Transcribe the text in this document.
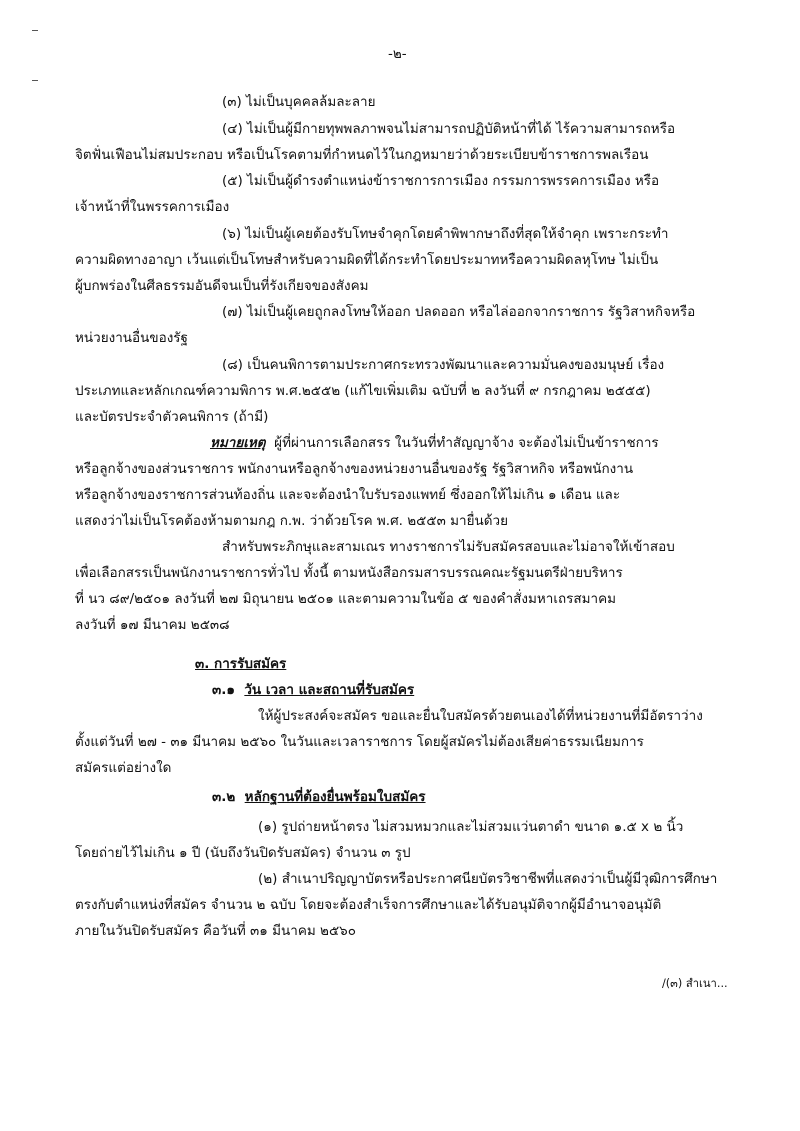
-๒-
(๓) ไม่เป็นบุคคลล้มละลาย
(๔) ไม่เป็นผู้มีกายทุพพลภาพจนไม่สามารถปฏิบัติหน้าที่ได้ ไร้ความสามารถหรือ
จิตฟั่นเฟือนไม่สมประกอบ หรือเป็นโรคตามที่กำหนดไว้ในกฎหมายว่าด้วยระเบียบข้าราชการพลเรือน
(๕) ไม่เป็นผู้ดำรงตำแหน่งข้าราชการการเมือง กรรมการพรรคการเมือง หรือ
เจ้าหน้าที่ในพรรคการเมือง
(๖) ไม่เป็นผู้เคยต้องรับโทษจำคุกโดยคำพิพากษาถึงที่สุดให้จำคุก เพราะกระทำ
ความผิดทางอาญา เว้นแต่เป็นโทษสำหรับความผิดที่ได้กระทำโดยประมาทหรือความผิดลหุโทษ ไม่เป็น
ผู้บกพร่องในศีลธรรมอันดีจนเป็นที่รังเกียจของสังคม
(๗) ไม่เป็นผู้เคยถูกลงโทษให้ออก ปลดออก หรือไล่ออกจากราชการ รัฐวิสาหกิจหรือ
หน่วยงานอื่นของรัฐ
(๘) เป็นคนพิการตามประกาศกระทรวงพัฒนาและความมั่นคงของมนุษย์ เรื่อง
ประเภทและหลักเกณฑ์ความพิการ พ.ศ.๒๕๕๒ (แก้ไขเพิ่มเติม ฉบับที่ ๒ ลงวันที่ ๙ กรกฎาคม ๒๕๕๕)
และบัตรประจำตัวคนพิการ (ถ้ามี)
หมายเหตุ ผู้ที่ผ่านการเลือกสรร ในวันที่ทำสัญญาจ้าง จะต้องไม่เป็นข้าราชการ
หรือลูกจ้างของส่วนราชการ พนักงานหรือลูกจ้างของหน่วยงานอื่นของรัฐ รัฐวิสาหกิจ หรือพนักงาน
หรือลูกจ้างของราชการส่วนท้องถิ่น และจะต้องนำใบรับรองแพทย์ ซึ่งออกให้ไม่เกิน ๑ เดือน และ
แสดงว่าไม่เป็นโรคต้องห้ามตามกฎ ก.พ. ว่าด้วยโรค พ.ศ. ๒๕๕๓ มายื่นด้วย
สำหรับพระภิกษุและสามเณร ทางราชการไม่รับสมัครสอบและไม่อาจให้เข้าสอบ
เพื่อเลือกสรรเป็นพนักงานราชการทั่วไป ทั้งนี้ ตามหนังสือกรมสารบรรณคณะรัฐมนตรีฝ่ายบริหาร
ที่ นว ๘๙/๒๕๐๑ ลงวันที่ ๒๗ มิถุนายน ๒๕๐๑ และตามความในข้อ ๕ ของคำสั่งมหาเถรสมาคม
ลงวันที่ ๑๗ มีนาคม ๒๕๓๘
๓. การรับสมัคร
๓.๑ วัน เวลา และสถานที่รับสมัคร
ให้ผู้ประสงค์จะสมัคร ขอและยื่นใบสมัครด้วยตนเองได้ที่หน่วยงานที่มีอัตราว่าง
ตั้งแต่วันที่ ๒๗ - ๓๑ มีนาคม ๒๕๖๐ ในวันและเวลาราชการ โดยผู้สมัครไม่ต้องเสียค่าธรรมเนียมการ
สมัครแต่อย่างใด
๓.๒ หลักฐานที่ต้องยื่นพร้อมใบสมัคร
(๑) รูปถ่ายหน้าตรง ไม่สวมหมวกและไม่สวมแว่นตาดำ ขนาด ๑.๕ x ๒ นิ้ว
โดยถ่ายไว้ไม่เกิน ๑ ปี (นับถึงวันปิดรับสมัคร) จำนวน ๓ รูป
(๒) สำเนาปริญญาบัตรหรือประกาศนียบัตรวิชาชีพที่แสดงว่าเป็นผู้มีวุฒิการศึกษา
ตรงกับตำแหน่งที่สมัคร จำนวน ๒ ฉบับ โดยจะต้องสำเร็จการศึกษาและได้รับอนุมัติจากผู้มีอำนาจอนุมัติ
ภายในวันปิดรับสมัคร คือวันที่ ๓๑ มีนาคม ๒๕๖๐
/(๓) สำเนา...
